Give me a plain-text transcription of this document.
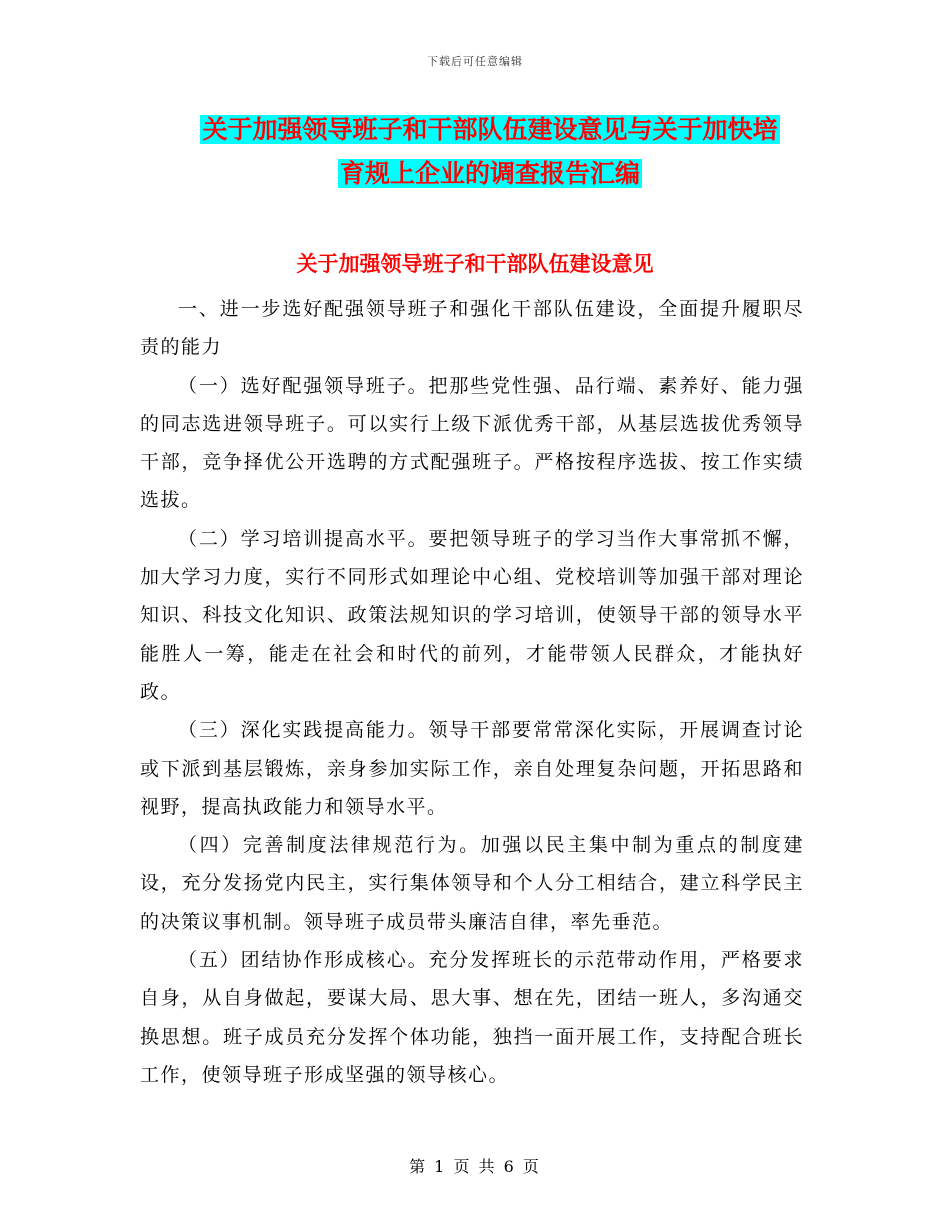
下载后可任意编辑
关于加强领导班子和干部队伍建设意见与关于加快培
育规上企业的调查报告汇编
关于加强领导班子和干部队伍建设意见

一、进一步选好配强领导班子和强化干部队伍建设，全面提升履职尽责的能力

（一）选好配强领导班子。把那些党性强、品行端、素养好、能力强的同志选进领导班子。可以实行上级下派优秀干部，从基层选拔优秀领导干部，竞争择优公开选聘的方式配强班子。严格按程序选拔、按工作实绩选拔。

（二）学习培训提高水平。要把领导班子的学习当作大事常抓不懈，加大学习力度，实行不同形式如理论中心组、党校培训等加强干部对理论知识、科技文化知识、政策法规知识的学习培训，使领导干部的领导水平能胜人一筹，能走在社会和时代的前列，才能带领人民群众，才能执好政。

（三）深化实践提高能力。领导干部要常常深化实际，开展调查讨论或下派到基层锻炼，亲身参加实际工作，亲自处理复杂问题，开拓思路和视野，提高执政能力和领导水平。

（四）完善制度法律规范行为。加强以民主集中制为重点的制度建设，充分发扬党内民主，实行集体领导和个人分工相结合，建立科学民主的决策议事机制。领导班子成员带头廉洁自律，率先垂范。

（五）团结协作形成核心。充分发挥班长的示范带动作用，严格要求自身，从自身做起，要谋大局、思大事、想在先，团结一班人，多沟通交换思想。班子成员充分发挥个体功能，独挡一面开展工作，支持配合班长工作，使领导班子形成坚强的领导核心。

第 1 页 共 6 页
